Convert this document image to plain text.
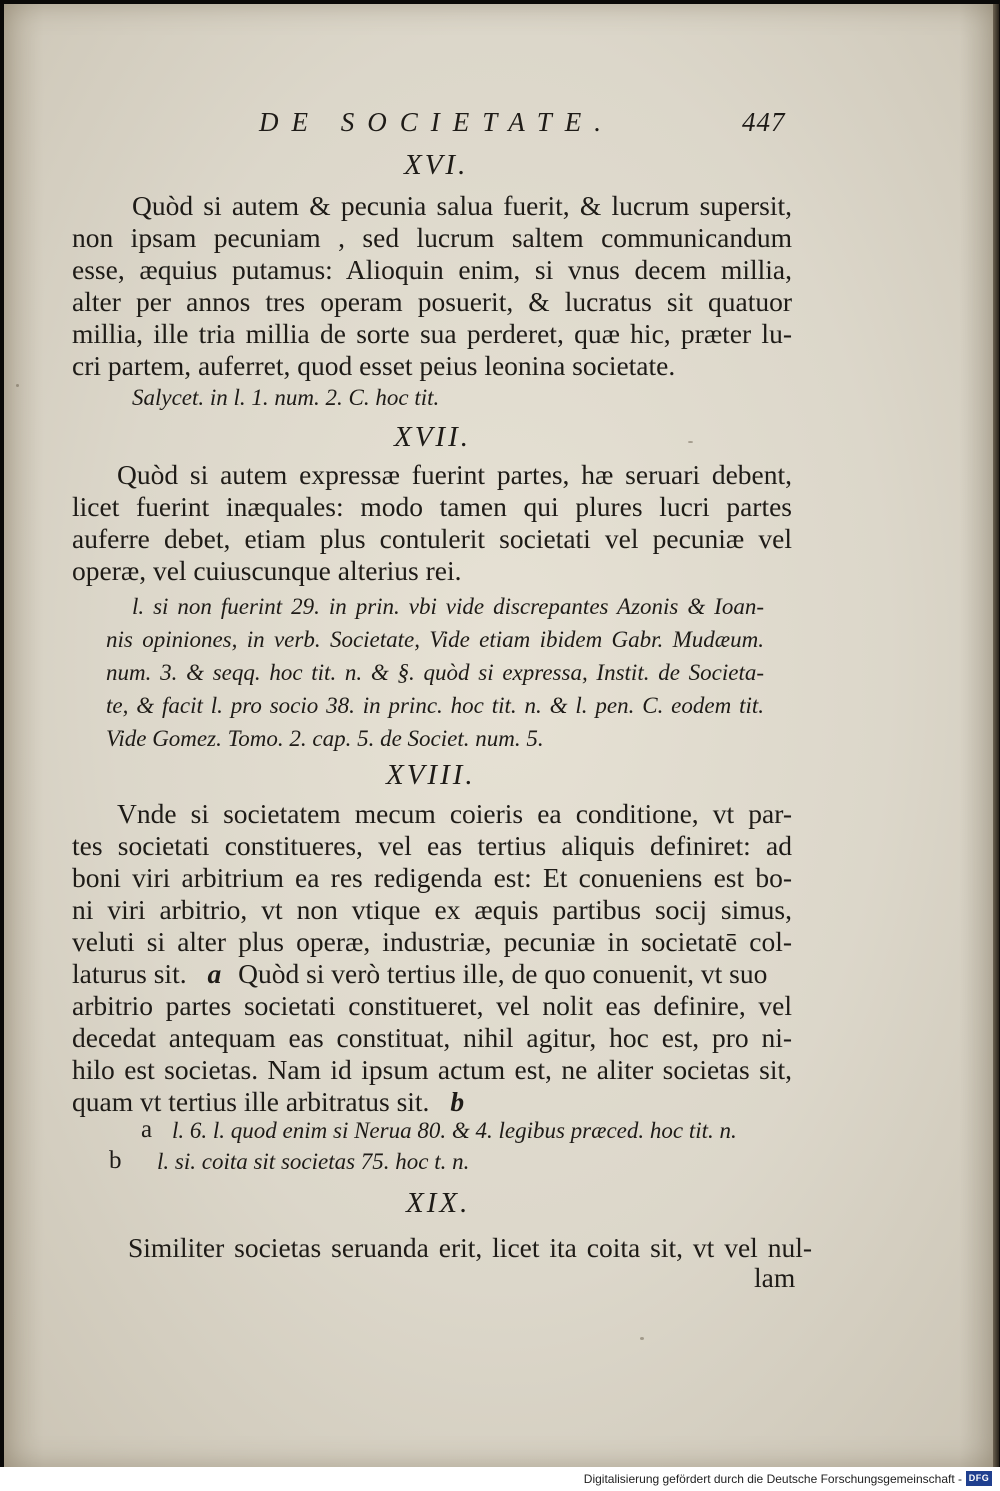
DE SOCIETATE.	447
XVI.
Quòd si autem & pecunia salua fuerit, & lucrum supersit,
non ipsam pecuniam , sed lucrum saltem communicandum
esse, æquius putamus: Alioquin enim, si vnus decem millia,
alter per annos tres operam posuerit, & lucratus sit quatuor
millia, ille tria millia de sorte sua perderet, quæ hic, præter lu-
cri partem, auferret, quod esset peius leonina societate.
Salycet. in l. 1. num. 2. C. hoc tit.
XVII.
Quòd si autem expressæ fuerint partes, hæ seruari debent,
licet fuerint inæquales: modo tamen qui plures lucri partes
auferre debet, etiam plus contulerit societati vel pecuniæ vel
operæ, vel cuiuscunque alterius rei.
l. si non fuerint 29. in prin. vbi vide discrepantes Azonis & Ioan-
nis opiniones, in verb. Societate, Vide etiam ibidem Gabr. Mudæum.
num. 3. & seqq. hoc tit. n. & §. quòd si expressa, Instit. de Societa-
te, & facit l. pro socio 38. in princ. hoc tit. n. & l. pen. C. eodem tit.
Vide Gomez. Tomo. 2. cap. 5. de Societ. num. 5.
XVIII.
Vnde si societatem mecum coieris ea conditione, vt par-
tes societati constitueres, vel eas tertius aliquis definiret: ad
boni viri arbitrium ea res redigenda est: Et conueniens est bo-
ni viri arbitrio, vt non vtique ex æquis partibus socij simus,
veluti si alter plus operæ, industriæ, pecuniæ in societatē col-
laturus sit. a Quòd si verò tertius ille, de quo conuenit, vt suo
arbitrio partes societati constitueret, vel nolit eas definire, vel
decedat antequam eas constituat, nihil agitur, hoc est, pro ni-
hilo est societas. Nam id ipsum actum est, ne aliter societas sit,
quam vt tertius ille arbitratus sit. b
a l. 6. l. quod enim si Nerua 80. & 4. legibus præced. hoc tit. n.
b l. si. coita sit societas 75. hoc t. n.
XIX.
Similiter societas seruanda erit, licet ita coita sit, vt vel nul-
lam
Digitalisierung gefördert durch die Deutsche Forschungsgemeinschaft - DFG
